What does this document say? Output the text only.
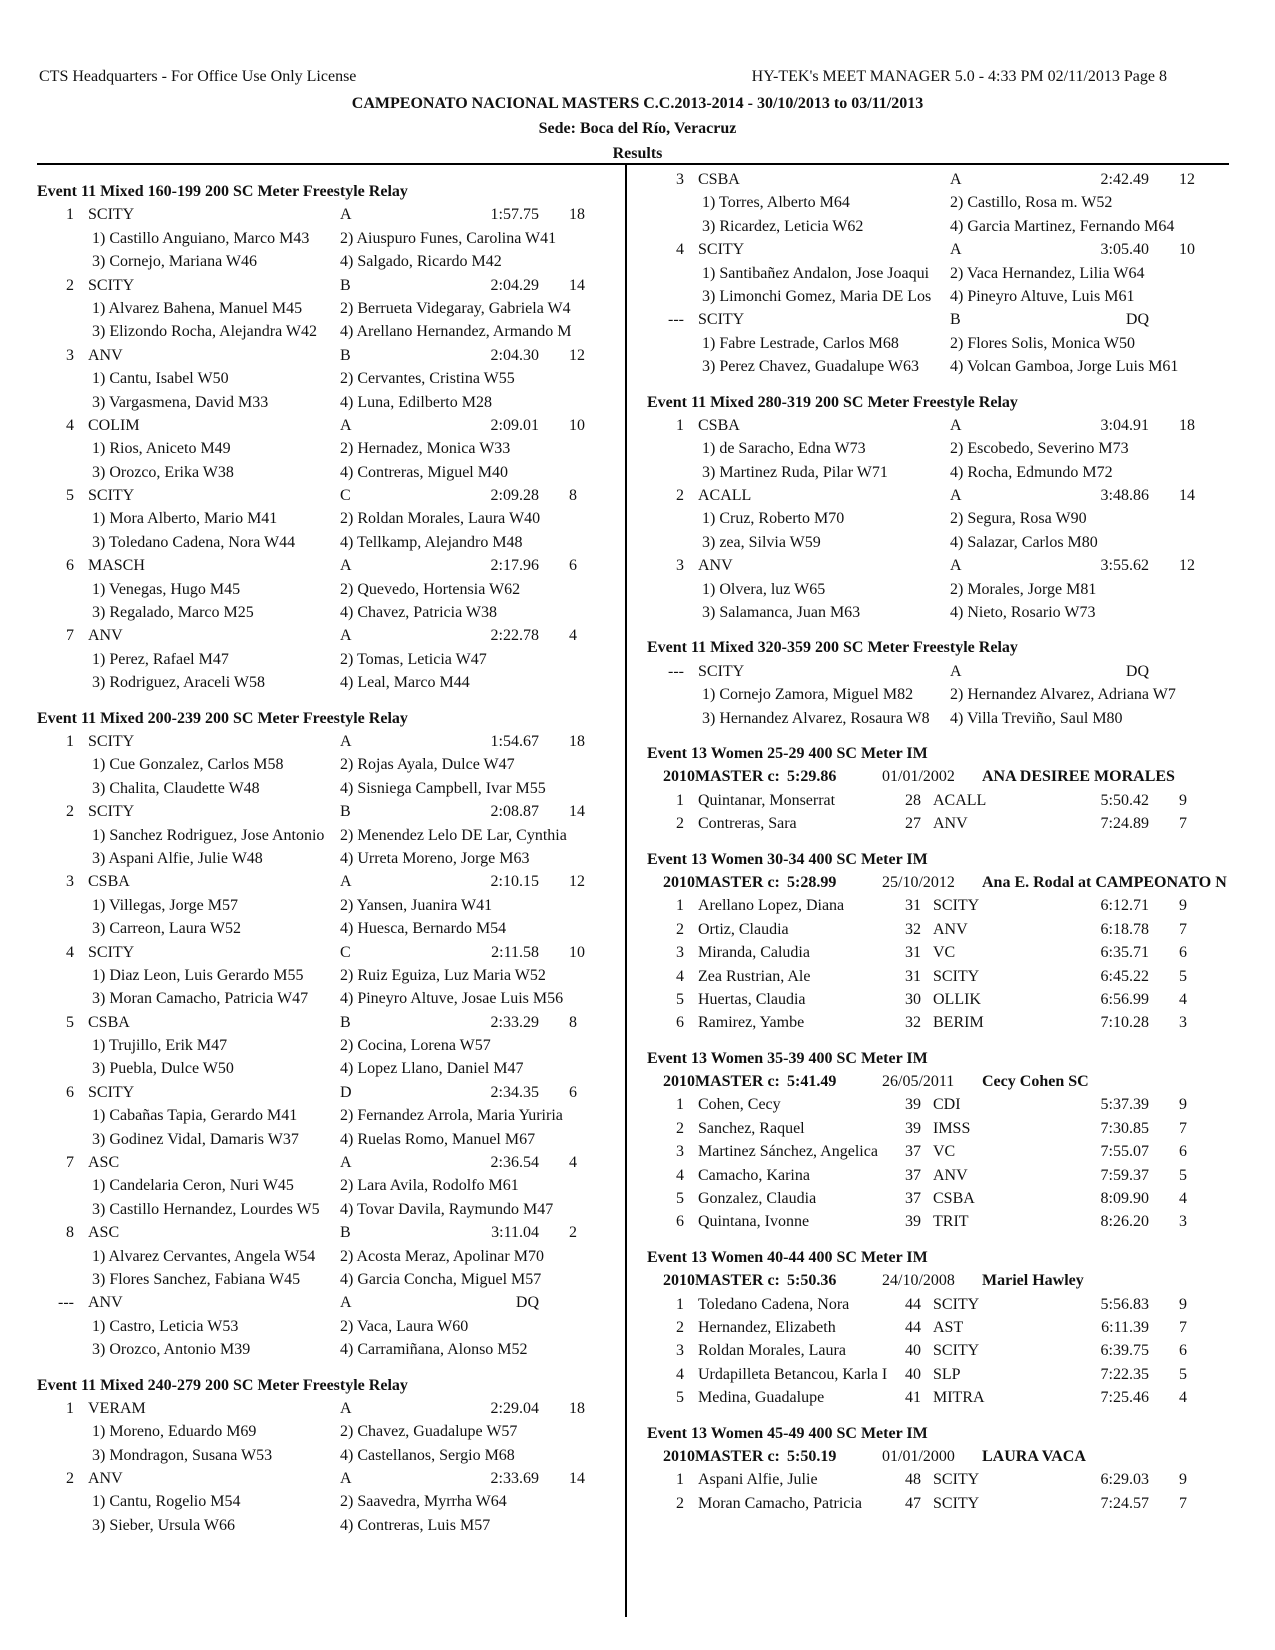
CTS Headquarters - For Office Use Only License	HY-TEK's MEET MANAGER 5.0 - 4:33 PM 02/11/2013 Page 8
CAMPEONATO NACIONAL MASTERS C.C.2013-2014 - 30/10/2013 to 03/11/2013
Sede: Boca del Río, Veracruz
Results
Event 11 Mixed 160-199 200 SC Meter Freestyle Relay
1 SCITY	A	1:57.75 18
1) Castillo Anguiano, Marco M43	2) Aiuspuro Funes, Carolina W41
3) Cornejo, Mariana W46	4) Salgado, Ricardo M42
2 SCITY	B	2:04.29 14
1) Alvarez Bahena, Manuel M45	2) Berrueta Videgaray, Gabriela W4
3) Elizondo Rocha, Alejandra W42	4) Arellano Hernandez, Armando M
3 ANV	B	2:04.30 12
1) Cantu, Isabel W50	2) Cervantes, Cristina W55
3) Vargasmena, David M33	4) Luna, Edilberto M28
4 COLIM	A	2:09.01 10
1) Rios, Aniceto M49	2) Hernadez, Monica W33
3) Orozco, Erika W38	4) Contreras, Miguel M40
5 SCITY	C	2:09.28 8
1) Mora Alberto, Mario M41	2) Roldan Morales, Laura W40
3) Toledano Cadena, Nora W44	4) Tellkamp, Alejandro M48
6 MASCH	A	2:17.96 6
1) Venegas, Hugo M45	2) Quevedo, Hortensia W62
3) Regalado, Marco M25	4) Chavez, Patricia W38
7 ANV	A	2:22.78 4
1) Perez, Rafael M47	2) Tomas, Leticia W47
3) Rodriguez, Araceli W58	4) Leal, Marco M44
Event 11 Mixed 200-239 200 SC Meter Freestyle Relay
1 SCITY	A	1:54.67 18
1) Cue Gonzalez, Carlos M58	2) Rojas Ayala, Dulce W47
3) Chalita, Claudette W48	4) Sisniega Campbell, Ivar M55
2 SCITY	B	2:08.87 14
1) Sanchez Rodriguez, Jose Antonio 2) Menendez Lelo DE Lar, Cynthia
3) Aspani Alfie, Julie W48	4) Urreta Moreno, Jorge M63
3 CSBA	A	2:10.15 12
1) Villegas, Jorge M57	2) Yansen, Juanira W41
3) Carreon, Laura W52	4) Huesca, Bernardo M54
4 SCITY	C	2:11.58 10
1) Diaz Leon, Luis Gerardo M55	2) Ruiz Eguiza, Luz Maria W52
3) Moran Camacho, Patricia W47	4) Pineyro Altuve, Josae Luis M56
5 CSBA	B	2:33.29 8
1) Trujillo, Erik M47	2) Cocina, Lorena W57
3) Puebla, Dulce W50	4) Lopez Llano, Daniel M47
6 SCITY	D	2:34.35 6
1) Cabañas Tapia, Gerardo M41	2) Fernandez Arrola, Maria Yuriria
3) Godinez Vidal, Damaris W37	4) Ruelas Romo, Manuel M67
7 ASC	A	2:36.54 4
1) Candelaria Ceron, Nuri W45	2) Lara Avila, Rodolfo M61
3) Castillo Hernandez, Lourdes W5	4) Tovar Davila, Raymundo M47
8 ASC	B	3:11.04 2
1) Alvarez Cervantes, Angela W54	2) Acosta Meraz, Apolinar M70
3) Flores Sanchez, Fabiana W45	4) Garcia Concha, Miguel M57
--- ANV	A	DQ
1) Castro, Leticia W53	2) Vaca, Laura W60
3) Orozco, Antonio M39	4) Carramiñana, Alonso M52
Event 11 Mixed 240-279 200 SC Meter Freestyle Relay
1 VERAM	A	2:29.04 18
1) Moreno, Eduardo M69	2) Chavez, Guadalupe W57
3) Mondragon, Susana W53	4) Castellanos, Sergio M68
2 ANV	A	2:33.69 14
1) Cantu, Rogelio M54	2) Saavedra, Myrrha W64
3) Sieber, Ursula W66	4) Contreras, Luis M57
3 CSBA	A	2:42.49 12
1) Torres, Alberto M64	2) Castillo, Rosa m. W52
3) Ricardez, Leticia W62	4) Garcia Martinez, Fernando M64
4 SCITY	A	3:05.40 10
1) Santibañez Andalon, Jose Joaqui	2) Vaca Hernandez, Lilia W64
3) Limonchi Gomez, Maria DE Los	4) Pineyro Altuve, Luis M61
--- SCITY	B	DQ
1) Fabre Lestrade, Carlos M68	2) Flores Solis, Monica W50
3) Perez Chavez, Guadalupe W63	4) Volcan Gamboa, Jorge Luis M61
Event 11 Mixed 280-319 200 SC Meter Freestyle Relay
1 CSBA	A	3:04.91 18
1) de Saracho, Edna W73	2) Escobedo, Severino M73
3) Martinez Ruda, Pilar W71	4) Rocha, Edmundo M72
2 ACALL	A	3:48.86 14
1) Cruz, Roberto M70	2) Segura, Rosa W90
3) zea, Silvia W59	4) Salazar, Carlos M80
3 ANV	A	3:55.62 12
1) Olvera, luz W65	2) Morales, Jorge M81
3) Salamanca, Juan M63	4) Nieto, Rosario W73
Event 11 Mixed 320-359 200 SC Meter Freestyle Relay
--- SCITY	A	DQ
1) Cornejo Zamora, Miguel M82	2) Hernandez Alvarez, Adriana W7
3) Hernandez Alvarez, Rosaura W8	4) Villa Treviño, Saul M80
Event 13 Women 25-29 400 SC Meter IM
2010MASTER c: 5:29.86	01/01/2002 ANA DESIREE MORALES
1 Quintanar, Monserrat	28 ACALL	5:50.42 9
2 Contreras, Sara	27 ANV	7:24.89 7
Event 13 Women 30-34 400 SC Meter IM
2010MASTER c: 5:28.99	25/10/2012 Ana E. Rodal at CAMPEONATO N
1 Arellano Lopez, Diana	31 SCITY	6:12.71 9
2 Ortiz, Claudia	32 ANV	6:18.78 7
3 Miranda, Caludia	31 VC	6:35.71 6
4 Zea Rustrian, Ale	31 SCITY	6:45.22 5
5 Huertas, Claudia	30 OLLIK	6:56.99 4
6 Ramirez, Yambe	32 BERIM	7:10.28 3
Event 13 Women 35-39 400 SC Meter IM
2010MASTER c: 5:41.49	26/05/2011 Cecy Cohen SC
1 Cohen, Cecy	39 CDI	5:37.39 9
2 Sanchez, Raquel	39 IMSS	7:30.85 7
3 Martinez Sánchez, Angelica	37 VC	7:55.07 6
4 Camacho, Karina	37 ANV	7:59.37 5
5 Gonzalez, Claudia	37 CSBA	8:09.90 4
6 Quintana, Ivonne	39 TRIT	8:26.20 3
Event 13 Women 40-44 400 SC Meter IM
2010MASTER c: 5:50.36	24/10/2008 Mariel Hawley
1 Toledano Cadena, Nora	44 SCITY	5:56.83 9
2 Hernandez, Elizabeth	44 AST	6:11.39 7
3 Roldan Morales, Laura	40 SCITY	6:39.75 6
4 Urdapilleta Betancou, Karla I	40 SLP	7:22.35 5
5 Medina, Guadalupe	41 MITRA	7:25.46 4
Event 13 Women 45-49 400 SC Meter IM
2010MASTER c: 5:50.19	01/01/2000 LAURA VACA
1 Aspani Alfie, Julie	48 SCITY	6:29.03 9
2 Moran Camacho, Patricia	47 SCITY	7:24.57 7
